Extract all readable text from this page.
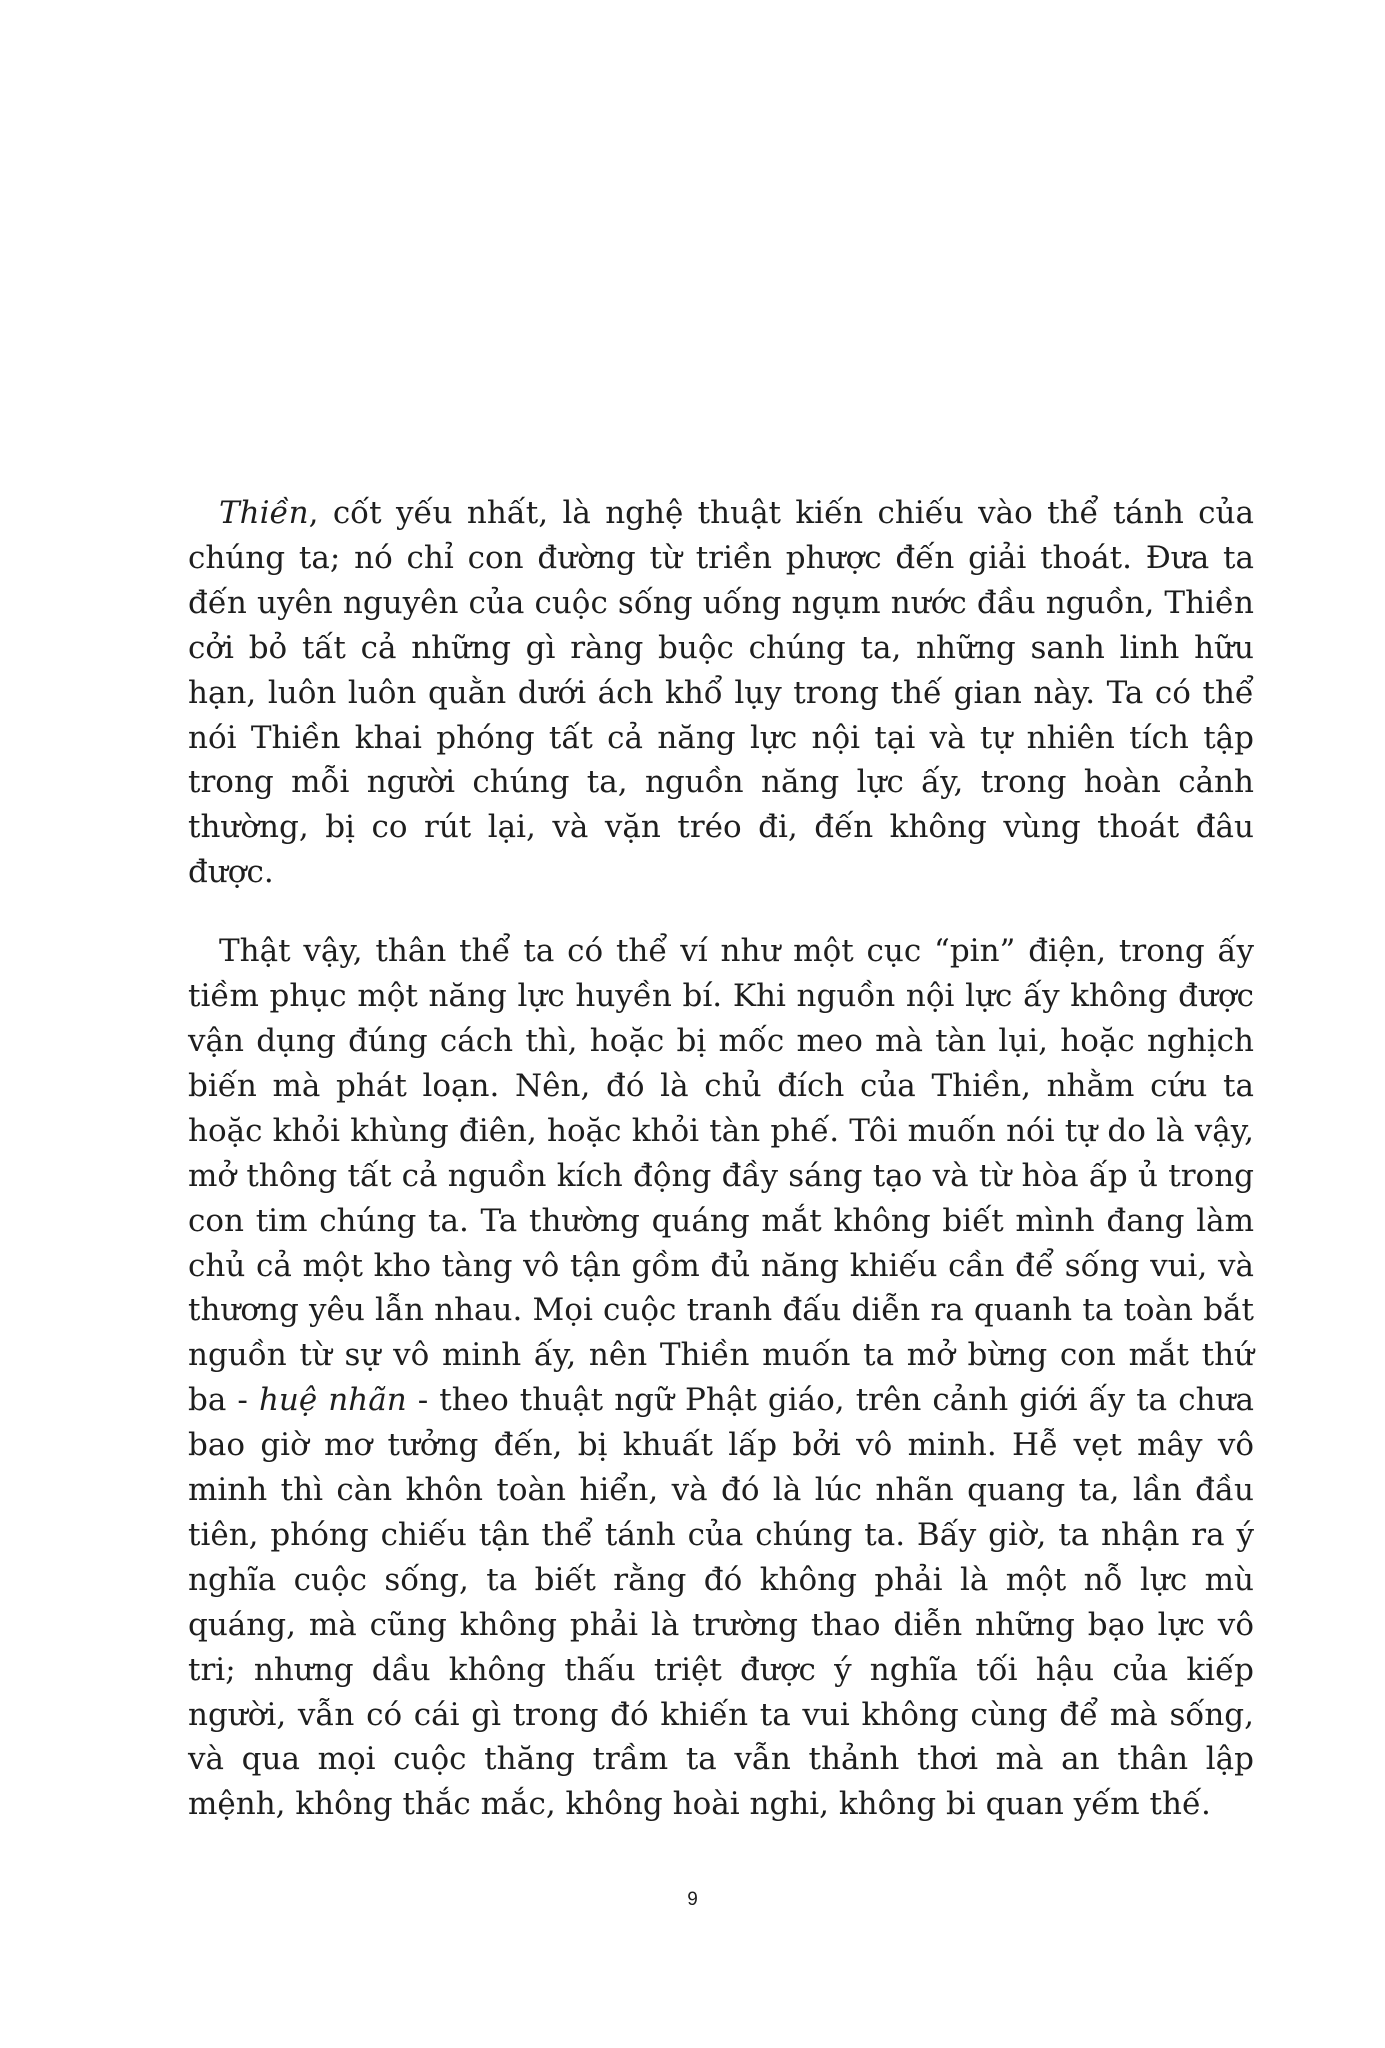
Thiền, cốt yếu nhất, là nghệ thuật kiến chiếu vào thể tánh của chúng ta; nó chỉ con đường từ triền phược đến giải thoát. Đưa ta đến uyên nguyên của cuộc sống uống ngụm nước đầu nguồn, Thiền cởi bỏ tất cả những gì ràng buộc chúng ta, những sanh linh hữu hạn, luôn luôn quằn dưới ách khổ lụy trong thế gian này. Ta có thể nói Thiền khai phóng tất cả năng lực nội tại và tự nhiên tích tập trong mỗi người chúng ta, nguồn năng lực ấy, trong hoàn cảnh thường, bị co rút lại, và vặn tréo đi, đến không vùng thoát đâu được.

Thật vậy, thân thể ta có thể ví như một cục “pin” điện, trong ấy tiềm phục một năng lực huyền bí. Khi nguồn nội lực ấy không được vận dụng đúng cách thì, hoặc bị mốc meo mà tàn lụi, hoặc nghịch biến mà phát loạn. Nên, đó là chủ đích của Thiền, nhằm cứu ta hoặc khỏi khùng điên, hoặc khỏi tàn phế. Tôi muốn nói tự do là vậy, mở thông tất cả nguồn kích động đầy sáng tạo và từ hòa ấp ủ trong con tim chúng ta. Ta thường quáng mắt không biết mình đang làm chủ cả một kho tàng vô tận gồm đủ năng khiếu cần để sống vui, và thương yêu lẫn nhau. Mọi cuộc tranh đấu diễn ra quanh ta toàn bắt nguồn từ sự vô minh ấy, nên Thiền muốn ta mở bừng con mắt thứ ba - huệ nhãn - theo thuật ngữ Phật giáo, trên cảnh giới ấy ta chưa bao giờ mơ tưởng đến, bị khuất lấp bởi vô minh. Hễ vẹt mây vô minh thì càn khôn toàn hiển, và đó là lúc nhãn quang ta, lần đầu tiên, phóng chiếu tận thể tánh của chúng ta. Bấy giờ, ta nhận ra ý nghĩa cuộc sống, ta biết rằng đó không phải là một nỗ lực mù quáng, mà cũng không phải là trường thao diễn những bạo lực vô tri; nhưng dầu không thấu triệt được ý nghĩa tối hậu của kiếp người, vẫn có cái gì trong đó khiến ta vui không cùng để mà sống, và qua mọi cuộc thăng trầm ta vẫn thảnh thơi mà an thân lập mệnh, không thắc mắc, không hoài nghi, không bi quan yếm thế.

9
